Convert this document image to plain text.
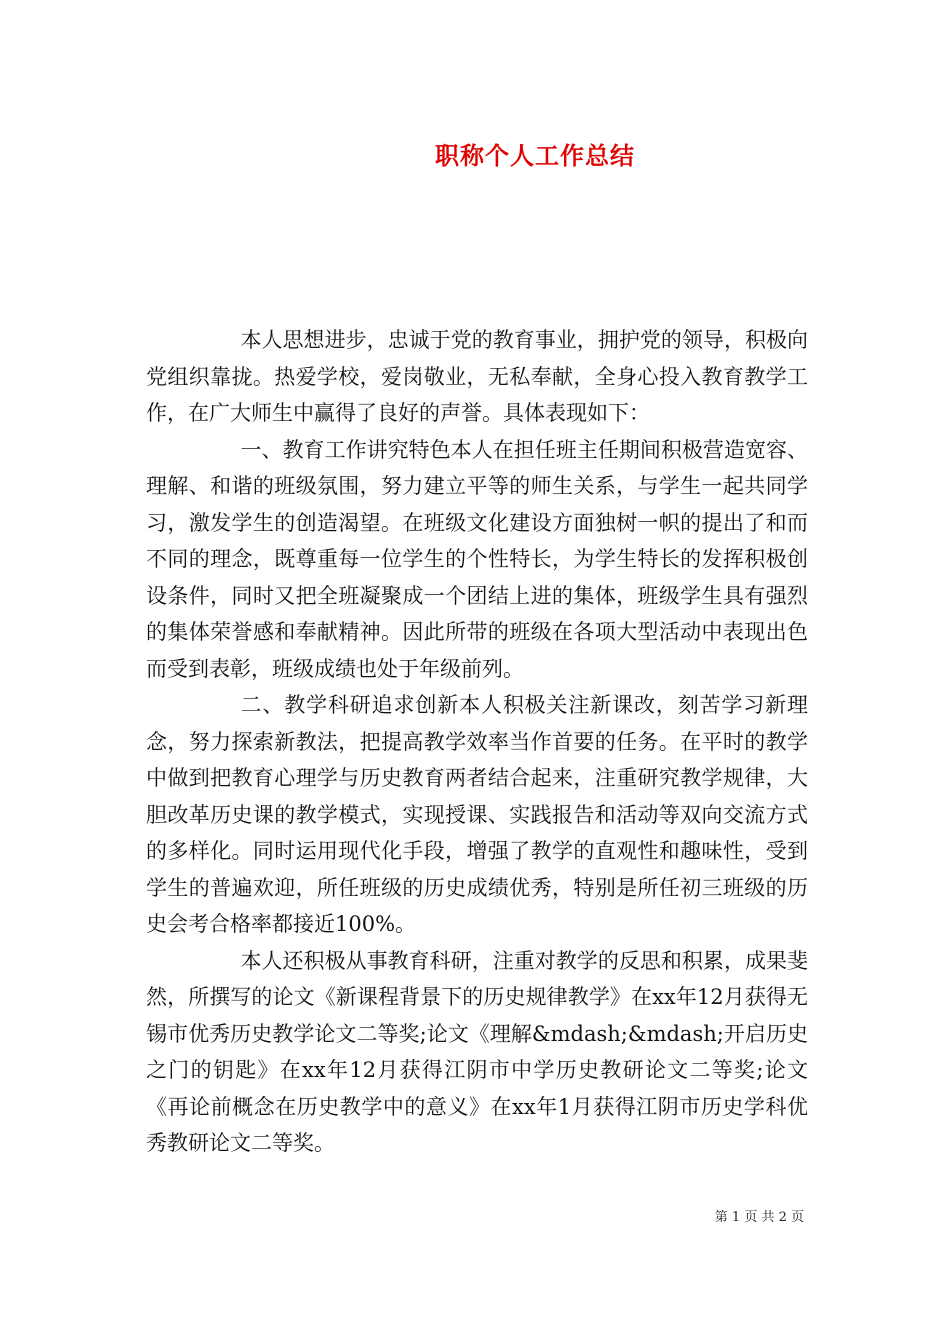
职称个人工作总结

本人思想进步，忠诚于党的教育事业，拥护党的领导，积极向党组织靠拢。热爱学校，爱岗敬业，无私奉献，全身心投入教育教学工作，在广大师生中赢得了良好的声誉。具体表现如下：

一、教育工作讲究特色本人在担任班主任期间积极营造宽容、理解、和谐的班级氛围，努力建立平等的师生关系，与学生一起共同学习，激发学生的创造渴望。在班级文化建设方面独树一帜的提出了和而不同的理念，既尊重每一位学生的个性特长，为学生特长的发挥积极创设条件，同时又把全班凝聚成一个团结上进的集体，班级学生具有强烈的集体荣誉感和奉献精神。因此所带的班级在各项大型活动中表现出色而受到表彰，班级成绩也处于年级前列。

二、教学科研追求创新本人积极关注新课改，刻苦学习新理念，努力探索新教法，把提高教学效率当作首要的任务。在平时的教学中做到把教育心理学与历史教育两者结合起来，注重研究教学规律，大胆改革历史课的教学模式，实现授课、实践报告和活动等双向交流方式的多样化。同时运用现代化手段，增强了教学的直观性和趣味性，受到学生的普遍欢迎，所任班级的历史成绩优秀，特别是所任初三班级的历史会考合格率都接近100%。

本人还积极从事教育科研，注重对教学的反思和积累，成果斐然，所撰写的论文《新课程背景下的历史规律教学》在xx年12月获得无锡市优秀历史教学论文二等奖;论文《理解&mdash;&mdash;开启历史之门的钥匙》在xx年12月获得江阴市中学历史教研论文二等奖;论文《再论前概念在历史教学中的意义》在xx年1月获得江阴市历史学科优秀教研论文二等奖。

第 1 页 共 2 页
